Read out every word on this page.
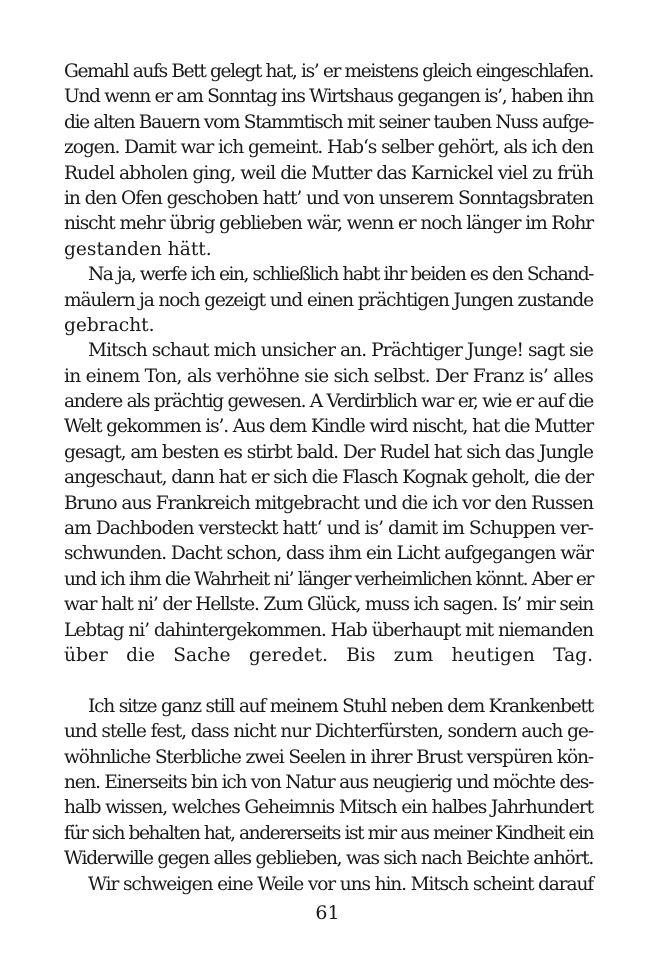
Gemahl aufs Bett gelegt hat, is’ er meistens gleich eingeschlafen.
Und wenn er am Sonntag ins Wirtshaus gegangen is’, haben ihn
die alten Bauern vom Stammtisch mit seiner tauben Nuss aufge-
zogen. Damit war ich gemeint. Hab‘s selber gehört, als ich den
Rudel abholen ging, weil die Mutter das Karnickel viel zu früh
in den Ofen geschoben hatt’ und von unserem Sonntagsbraten
nischt mehr übrig geblieben wär, wenn er noch länger im Rohr
gestanden hätt.
Na ja, werfe ich ein, schließlich habt ihr beiden es den Schand-
mäulern ja noch gezeigt und einen prächtigen Jungen zustande
gebracht.
Mitsch schaut mich unsicher an. Prächtiger Junge! sagt sie
in einem Ton, als verhöhne sie sich selbst. Der Franz is’ alles
andere als prächtig gewesen. A Verdirblich war er, wie er auf die
Welt gekommen is’. Aus dem Kindle wird nischt, hat die Mutter
gesagt, am besten es stirbt bald. Der Rudel hat sich das Jungle
angeschaut, dann hat er sich die Flasch Kognak geholt, die der
Bruno aus Frankreich mitgebracht und die ich vor den Russen
am Dachboden versteckt hatt‘ und is’ damit im Schuppen ver-
schwunden. Dacht schon, dass ihm ein Licht aufgegangen wär
und ich ihm die Wahrheit ni’ länger verheimlichen könnt. Aber er
war halt ni’ der Hellste. Zum Glück, muss ich sagen. Is’ mir sein
Lebtag ni’ dahintergekommen. Hab überhaupt mit niemanden
über die Sache geredet. Bis zum heutigen Tag.
Ich sitze ganz still auf meinem Stuhl neben dem Krankenbett
und stelle fest, dass nicht nur Dichterfürsten, sondern auch ge-
wöhnliche Sterbliche zwei Seelen in ihrer Brust verspüren kön-
nen. Einerseits bin ich von Natur aus neugierig und möchte des-
halb wissen, welches Geheimnis Mitsch ein halbes Jahrhundert
für sich behalten hat, andererseits ist mir aus meiner Kindheit ein
Widerwille gegen alles geblieben, was sich nach Beichte anhört.
Wir schweigen eine Weile vor uns hin. Mitsch scheint darauf
61
